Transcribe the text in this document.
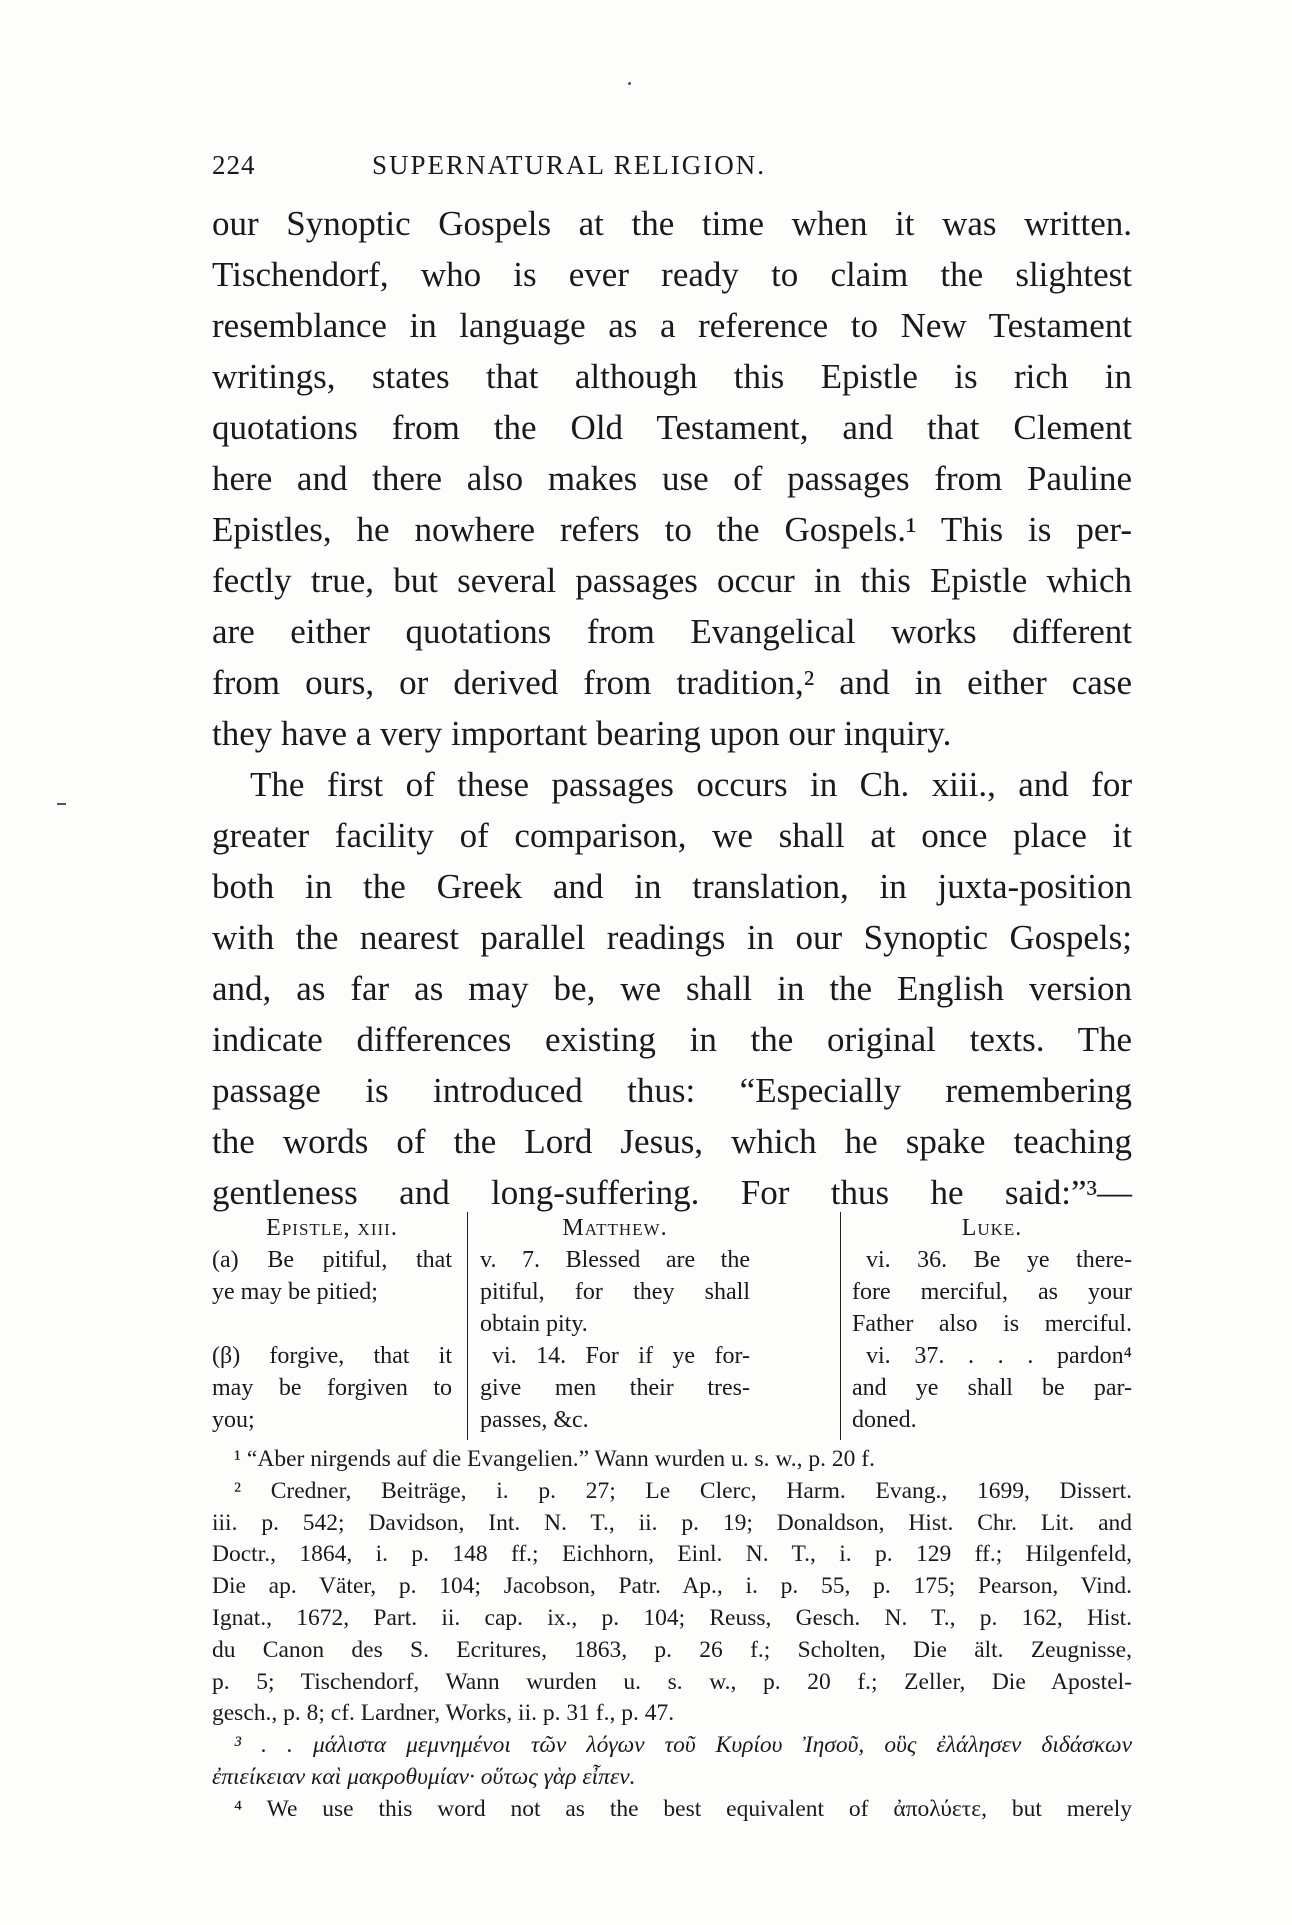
224	SUPERNATURAL RELIGION.
our Synoptic Gospels at the time when it was written.
Tischendorf, who is ever ready to claim the slightest
resemblance in language as a reference to New Testament
writings, states that although this Epistle is rich in
quotations from the Old Testament, and that Clement
here and there also makes use of passages from Pauline
Epistles, he nowhere refers to the Gospels.¹ This is per-
fectly true, but several passages occur in this Epistle which
are either quotations from Evangelical works different
from ours, or derived from tradition,² and in either case
they have a very important bearing upon our inquiry.
The first of these passages occurs in Ch. xiii., and for
greater facility of comparison, we shall at once place it
both in the Greek and in translation, in juxta-position
with the nearest parallel readings in our Synoptic Gospels;
and, as far as may be, we shall in the English version
indicate differences existing in the original texts. The
passage is introduced thus: “Especially remembering
the words of the Lord Jesus, which he spake teaching
gentleness and long-suffering. For thus he said:”³—
Epistle, xiii.
(a) Be pitiful, that
ye may be pitied;

(β) forgive, that it
may be forgiven to
you;
Matthew.
v. 7. Blessed are the
pitiful, for they shall
obtain pity.
vi. 14. For if ye for-
give men their tres-
passes, &c.
Luke.
vi. 36. Be ye there-
fore merciful, as your
Father also is merciful.
vi. 37. . . . pardon⁴
and ye shall be par-
doned.
¹ “Aber nirgends auf die Evangelien.” Wann wurden u. s. w., p. 20 f.
² Credner, Beiträge, i. p. 27; Le Clerc, Harm. Evang., 1699, Dissert.
iii. p. 542; Davidson, Int. N. T., ii. p. 19; Donaldson, Hist. Chr. Lit. and
Doctr., 1864, i. p. 148 ff.; Eichhorn, Einl. N. T., i. p. 129 ff.; Hilgenfeld,
Die ap. Väter, p. 104; Jacobson, Patr. Ap., i. p. 55, p. 175; Pearson, Vind.
Ignat., 1672, Part. ii. cap. ix., p. 104; Reuss, Gesch. N. T., p. 162, Hist.
du Canon des S. Ecritures, 1863, p. 26 f.; Scholten, Die ält. Zeugnisse,
p. 5; Tischendorf, Wann wurden u. s. w., p. 20 f.; Zeller, Die Apostel-
gesch., p. 8; cf. Lardner, Works, ii. p. 31 f., p. 47.
³ . . μάλιστα μεμνημένοι τῶν λόγων τοῦ Κυρίου Ἰησοῦ, οὓς ἐλάλησεν διδάσκων
ἐπιείκειαν καὶ μακροθυμίαν· οὕτως γὰρ εἶπεν.
⁴ We use this word not as the best equivalent of ἀπολύετε, but merely
